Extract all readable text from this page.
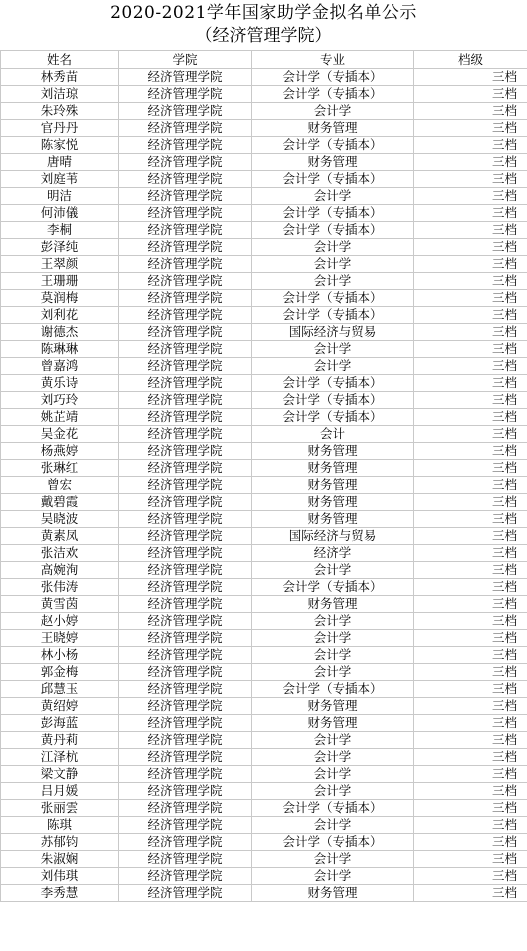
2020-2021学年国家助学金拟名单公示
（经济管理学院）
姓名	学院	专业	档级
林秀苗	经济管理学院	会计学（专插本）	三档
刘洁琼	经济管理学院	会计学（专插本）	三档
朱玲殊	经济管理学院	会计学	三档
官丹丹	经济管理学院	财务管理	三档
陈家悦	经济管理学院	会计学（专插本）	三档
唐晴	经济管理学院	财务管理	三档
刘庭苇	经济管理学院	会计学（专插本）	三档
明洁	经济管理学院	会计学	三档
何沛儀	经济管理学院	会计学（专插本）	三档
李桐	经济管理学院	会计学（专插本）	三档
彭泽纯	经济管理学院	会计学	三档
王翠颜	经济管理学院	会计学	三档
王珊珊	经济管理学院	会计学	三档
莫润梅	经济管理学院	会计学（专插本）	三档
刘利花	经济管理学院	会计学（专插本）	三档
谢德杰	经济管理学院	国际经济与贸易	三档
陈琳琳	经济管理学院	会计学	三档
曾嘉鸿	经济管理学院	会计学	三档
黄乐诗	经济管理学院	会计学（专插本）	三档
刘巧玲	经济管理学院	会计学（专插本）	三档
姚芷靖	经济管理学院	会计学（专插本）	三档
吴金花	经济管理学院	会计	三档
杨燕婷	经济管理学院	财务管理	三档
张琳红	经济管理学院	财务管理	三档
曾宏	经济管理学院	财务管理	三档
戴碧霞	经济管理学院	财务管理	三档
吴晓波	经济管理学院	财务管理	三档
黄素凤	经济管理学院	国际经济与贸易	三档
张洁欢	经济管理学院	经济学	三档
高婉洵	经济管理学院	会计学	三档
张伟涛	经济管理学院	会计学（专插本）	三档
黄雪茵	经济管理学院	财务管理	三档
赵小婷	经济管理学院	会计学	三档
王晓婷	经济管理学院	会计学	三档
林小杨	经济管理学院	会计学	三档
郭金梅	经济管理学院	会计学	三档
邱慧玉	经济管理学院	会计学（专插本）	三档
黄绍婷	经济管理学院	财务管理	三档
彭海蓝	经济管理学院	财务管理	三档
黄丹莉	经济管理学院	会计学	三档
江泽杭	经济管理学院	会计学	三档
梁文静	经济管理学院	会计学	三档
吕月媛	经济管理学院	会计学	三档
张丽雲	经济管理学院	会计学（专插本）	三档
陈琪	经济管理学院	会计学	三档
苏郁钧	经济管理学院	会计学（专插本）	三档
朱淑娴	经济管理学院	会计学	三档
刘伟琪	经济管理学院	会计学	三档
李秀慧	经济管理学院	财务管理	三档
